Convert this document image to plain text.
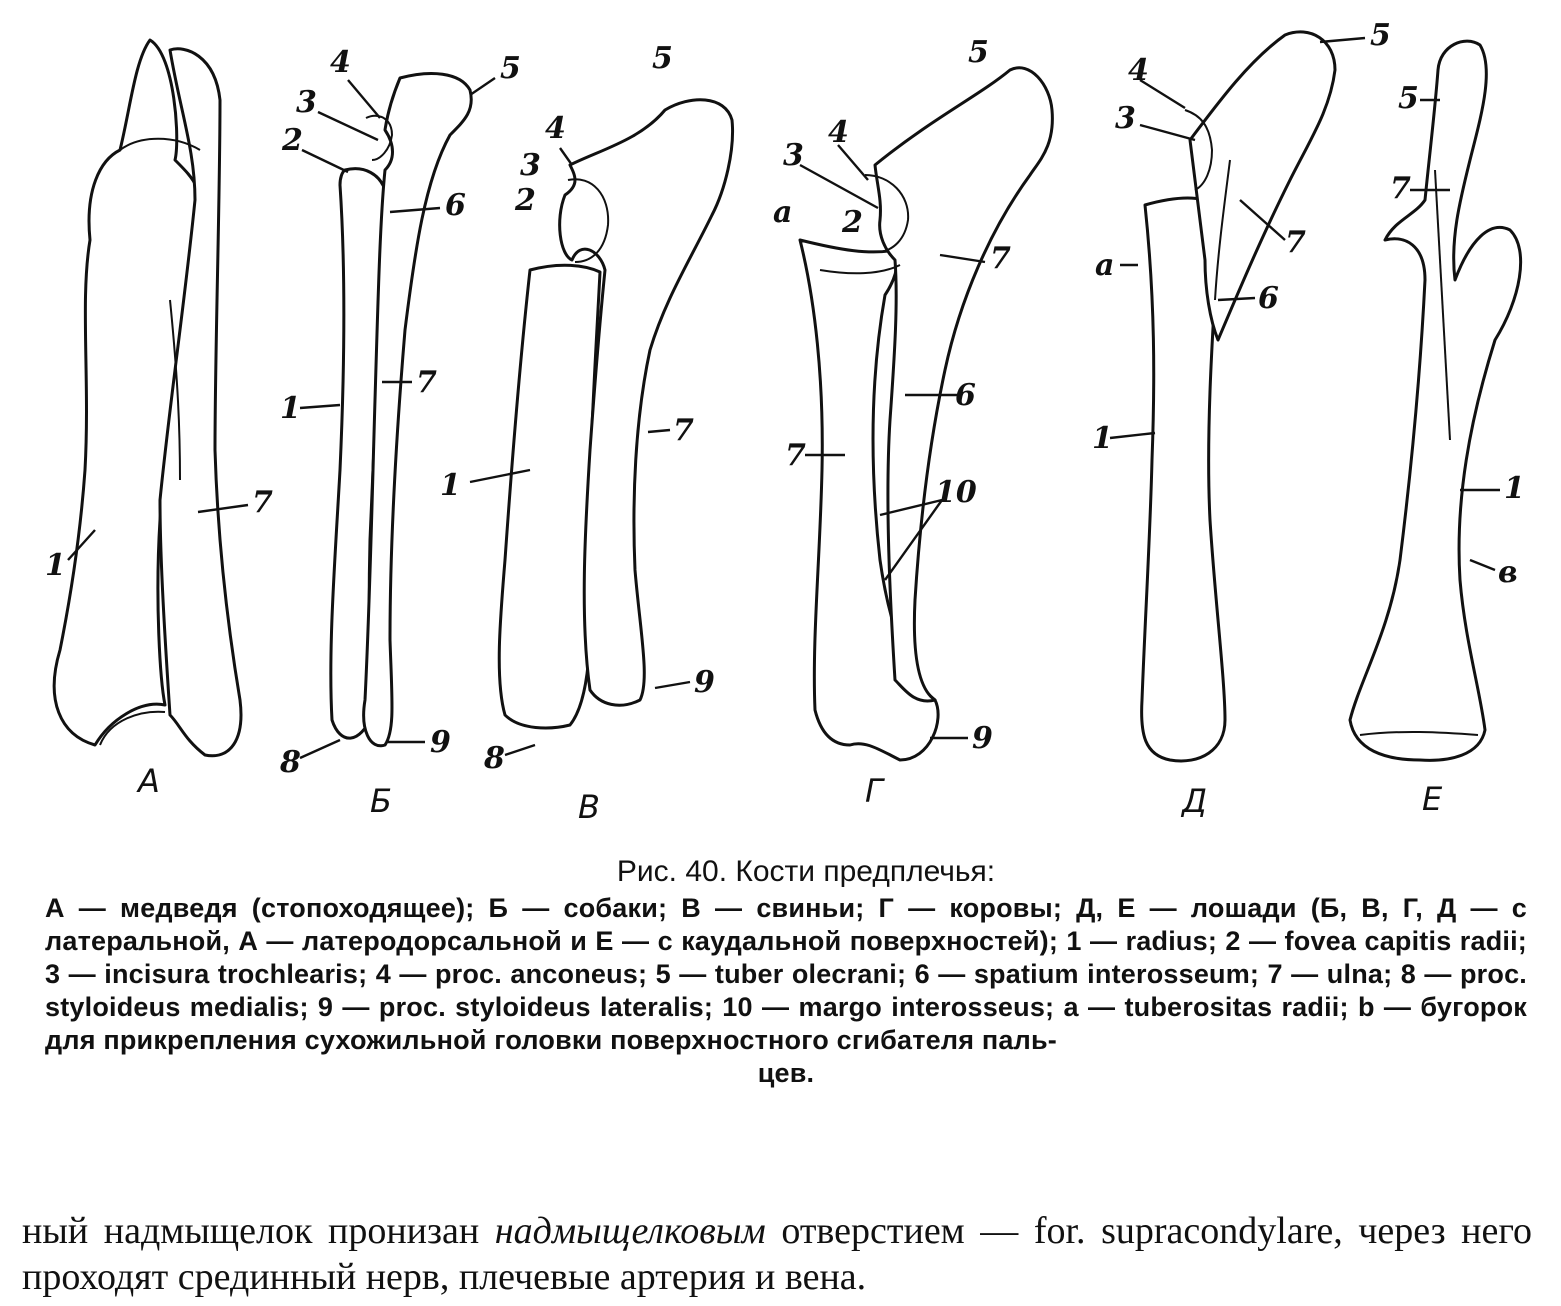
1
7
4
3
2
5
6
1
7
8
9
5
4
3
2
1
7
8
9
5
4
3
a 2
7
6
7
10
9
4
5
3
7
a
6
1
5
7
1
в
А
Б	В	Г	Д	Е
Рис. 40. Кости предплечья:
А — медведя (стопоходящее); Б — собаки; В — свиньи; Г — коровы; Д, Е — лошади (Б, В, Г, Д — с латеральной, А — латеродорсальной и Е — с каудальной поверхностей); 1 — radius; 2 — fovea capitis radii; 3 — incisura trochlearis; 4 — proc. anconeus; 5 — tuber olecrani; 6 — spatium interosseum; 7 — ulna; 8 — proc. styloideus medialis; 9 — proc. styloideus lateralis; 10 — margo interosseus; a — tuberositas radii; b — бугорок для прикрепления сухожильной головки поверхностного сгибателя паль-
цев.
ный надмыщелок пронизан надмыщелковым отверстием — for. supracondylare, через него проходят срединный нерв, плечевые артерия и вена.
